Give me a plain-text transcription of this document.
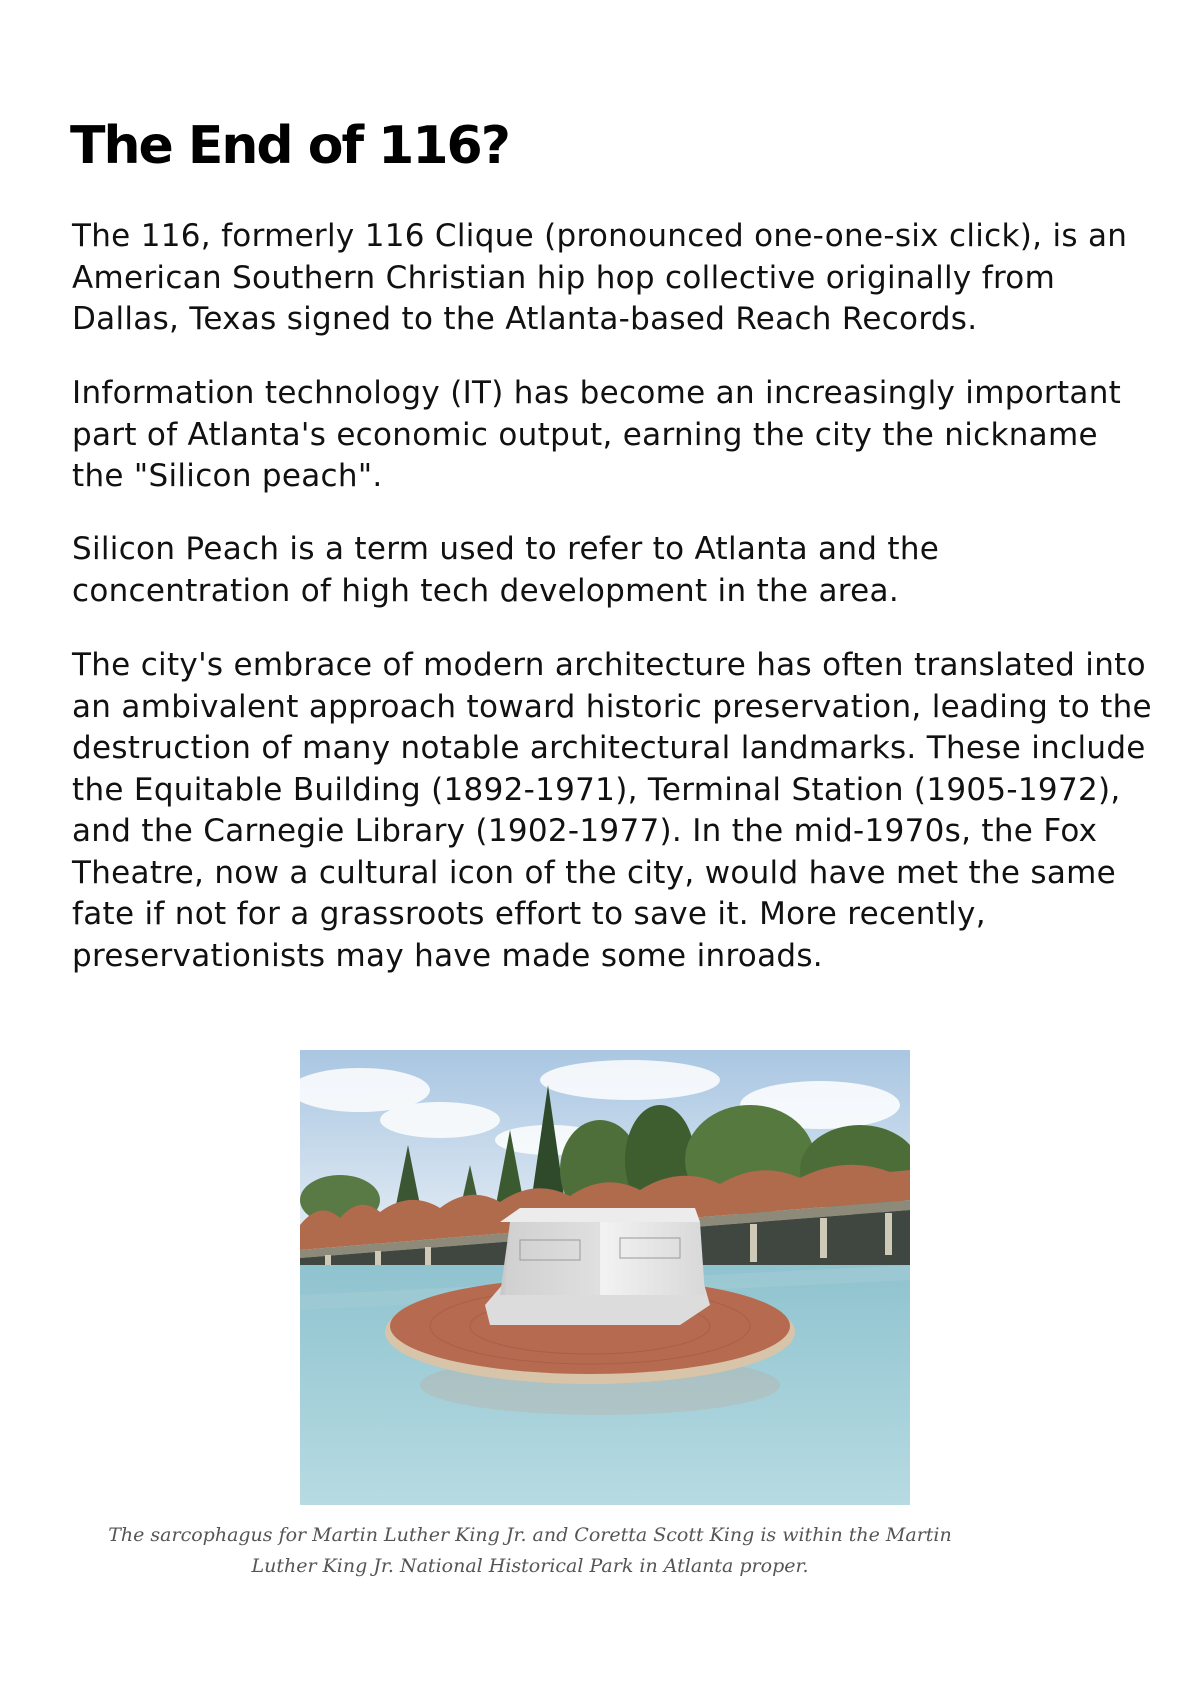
The End of 116?

The 116, formerly 116 Clique (pronounced one-one-six click), is an American Southern Christian hip hop collective originally from Dallas, Texas signed to the Atlanta-based Reach Records.

Information technology (IT) has become an increasingly important part of Atlanta's economic output, earning the city the nickname the "Silicon peach".

Silicon Peach is a term used to refer to Atlanta and the concentration of high tech development in the area.

The city's embrace of modern architecture has often translated into an ambivalent approach toward historic preservation, leading to the destruction of many notable architectural landmarks. These include the Equitable Building (1892-1971), Terminal Station (1905-1972), and the Carnegie Library (1902-1977). In the mid-1970s, the Fox Theatre, now a cultural icon of the city, would have met the same fate if not for a grassroots effort to save it. More recently, preservationists may have made some inroads.

The sarcophagus for Martin Luther King Jr. and Coretta Scott King is within the Martin Luther King Jr. National Historical Park in Atlanta proper.
